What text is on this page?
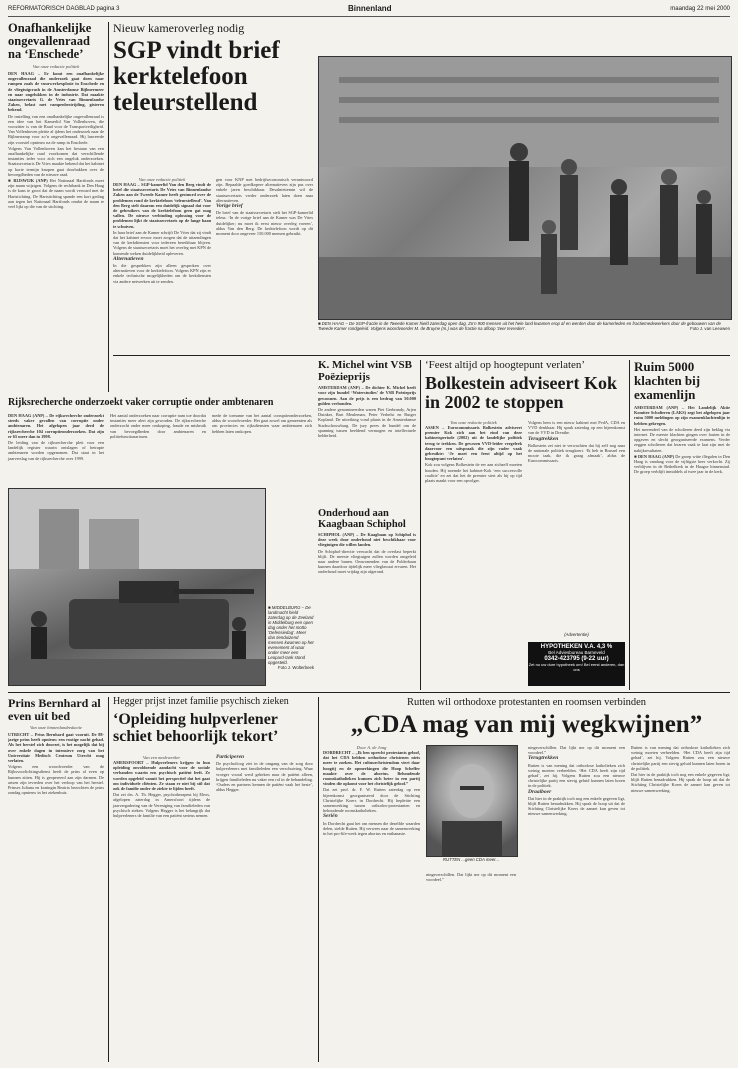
REFORMATORISCH DAGBLAD pagina 3	Binnenland	maandag 22 mei 2000
Onafhankelijke ongevallenraad na ‘Enschede’
Van onze redactie politiek

DEN HAAG – Er komt een onafhankelijke ongevallenraad die onderzoek gaat doen naar rampen zoals de vuurwerkexplosie in Enschede en de vliegtuigcrash in de Amsterdamse Bijlmermeer en naar ongelukken in de industrie. Dat maakte staatssecretaris G. de Vries van Binnenlandse Zaken, belast met rampenbestrijding, gisteren bekend.

De instelling van een onafhankelijke ongevallenraad is een idee van het Kamerlid Van Vollenhoven, die voorzitter is van de Raad voor de Transportveiligheid. Van Vollenhoven pleitte al ijdens het onderzoek naar de Bijlmerramp voor zo’n ongevallenraad. Hij lanceerde zijn voorstel opnieuw na de ramp in Enschede.

Volgens Van Vollenhoven kan het bestaan van een onafhankelijke raad voorkomen dat verschillende instanties ieder voor zich een ongeluk onderzoeken. Staatssecretaris De Vries maakte bekend dat het kabinet op korte termijn knopen gaat doorhakken over de bevoegdheden van de nieuwe raad.

■ RIJSWIJK (ANP) Het Nationaal Hartfonds moet zijn naam wijzigen. Volgens de rechtbank in Den Haag is de kans te groot dat de naam wordt verward met de Hartstichting. De Hartstichting spande een kort geding aan tegen het Nationaal Hartfonds omdat de naam te veel lijkt op die van de stichting.

Nieuw kameroverleg nodig
SGP vindt brief kerktelefoon teleurstellend
Van onze redactie politiek

DEN HAAG – SGP-kamerlid Van den Berg vindt de brief die staatssecretaris De Vries van Binnenlandse Zaken aan de Tweede Kamer heeft gestuurd over de problemen rond de kerktelefoon ‘teleurstellend’. Van den Berg stelt daarom een duidelijk signaal dat voor de gebruikers van de kerktelefoon geen gat mag vallen. De nieuwe verbinding oplossing voor de problemen lijkt de staatssecretaris op de lange baan te schuiven.

In haar brief aan de Kamer schrijft De Vries dat zij vindt dat het kabinet ervoor moet zorgen dat de uitzendingen van de kerkdiensten voor iedereen bereikbaar blijven. Volgens de staatssecretaris moet het overleg met KPN de komende weken duidelijkheid opleveren.

Alternatieven

In die gesprekken zijn alleen gesproken over alternatieven voor de kerktelefoon. Volgens KPN zijn er enkele technische mogelijkheden om de kerkdiensten via andere netwerken uit te zenden.

gen voor KNP met bedrijfseconomisch verantwoord zijn. Bepaalde goedkopere alternatieven zijn pas over enkele jaren beschikbaar. Desalniettemin wil de staatssecretaris verder onderzoek laten doen naar alternatieven.

Vorige brief

De brief van de staatssecretaris stelt het SGP-kamerlid teleur. ‘In de vorige brief aan de Kamer was De Vries duidelijker; nu moet ik eerst nieuw overleg voeren’, aldus Van den Berg. De kerktelefoon wordt op dit moment door ongeveer 150.000 mensen gebruikt.

■ DEN HAAG – De SGP-fractie in de Tweede Kamer hield zaterdag open dag. Zo’n 900 mensen uit het hele land kwamen erop af en werden door de kamerleden en fractiemedewerkers door de gebouwen van de Tweede Kamer rondgeleid. Volgens woordvoerder M. de Bruyne (m.) was de fractie na afloop ‘zeer tevreden’.	Foto J. van Leeuwen
K. Michel wint VSB Poëzieprijs

AMSTERDAM (ANP) – De dichter K. Michel heeft voor zijn bundel ‘Waterstudies’ de VSB Poëzieprijs gewonnen. Aan de prijs is een bedrag van 50.000 gulden verbonden.

De andere genomineerden waren Piet Gerbrandy, Arjen Duinker, Bart Meuleman, Peter Verhelst en Rutger Kopland. De uitreiking vond plaats in de Amsterdamse Stadsschouwburg. De jury prees de bundel om de spanning tussen beeldend vermogen en intellectuele helderheid.

Onderhoud aan Kaagbaan Schiphol

SCHIPHOL (ANP) – De Kaagbaan op Schiphol is deze week door onderhoud niet beschikbaar voor vliegtuigen die willen landen.

De Schiphol-directie verwacht dat de overlast beperkt blijft. De meeste vliegtuigen zullen worden omgeleid naar andere banen. Omwonenden van de Polderbaan kunnen daardoor tijdelijk meer vlieglawaai ervaren. Het onderhoud moet vrijdag zijn afgerond.

‘Feest altijd op hoogtepunt verlaten’
Bolkestein adviseert Kok in 2002 te stoppen
Van onze redactie politiek

ASSEN – Eurocommissaris Bolkestein adviseert premier Kok zich aan het eind van deze kabinetsperiode (2002) uit de landelijke politiek terug te trekken. De gewezen VVD-leider vergeleek daarvoor een uitspraak die zijn vader vaak gebruikte: ‘Je moet een feest altijd op het hoogtepunt verlaten’.

Kok zou volgens Bolkestein de eer aan zichzelf moeten houden. Hij noemde het kabinet-Kok ‘een succesvolle coalitie’ en zei dat het de premier siert als hij op tijd plaats maakt voor een opvolger.

Volgens hem is een nieuw kabinet met PvdA, CDA en VVD denkbaar. Hij sprak zaterdag op een bijeenkomst van de VVD in Drenthe.

Terugtrekken

Bolkestein zei niet te verwachten dat hij zelf nog naar de nationale politiek terugkeert. ‘Ik heb in Brussel een mooie taak, die ik graag afmaak’, aldus de Eurocommissaris.

(Advertentie)
HYPOTHEKEN V.A. 4,3 %
Bel Adviesbureau Barneveld
0342-423795 (9-22 uur)
Zet nu uw dure hypotheek om! Bel eerst anderen, dan ons
Ruim 5000 klachten bij examenlijn

AMSTERDAM (ANP) – Het Landelijk Aktie Komitee Scholieren (LAKS) zegt het afgelopen jaar ruim 5000 meldingen op zijn examenklachtenlijn te hebben gekregen.

Het merendeel van de scholieren deed zijn beklag via internet. De meeste klachten gingen over fouten in de opgaven en slecht georganiseerde examens. Verder zeggen scholieren dat leraren vaak te laat zijn met de nakijkresultaten.

■ DEN HAAG (ANP) De groep witte illegalen in Den Haag is vandaag voor de vijftigste keer verkocht. Zij verblijven in de Bethelkerk in de Haagse binnenstad. De groep verblijft inmiddels al twee jaar in de kerk.

Rijksrecherche onderzoekt vaker corruptie onder ambtenaren

DEN HAAG (ANP) – De rijksrecherche onderzoekt steeds vaker gevallen van corruptie onder ambtenaren. Het afgelopen jaar deed de rijksrecherche 104 corruptieonderzoeken. Dat zijn er 65 meer dan in 1998.

De leiding van de rijksrecherche pleit voor een landelijk register waarin ontslagen of betrapte ambtenaren worden opgenomen. Dat staat in het jaarverslag van de rijksrecherche over 1999.

Het aantal onderzoeken naar corruptie nam toe doordat instanties meer alert zijn geworden. De rijksrecherche onderzocht onder meer omkoping, fraude en misbruik van bevoegdheden door ambtenaren en politiefunctionarissen.

mede de toename van het aantal corruptieonderzoeken, aldus de woordvoerder. Het gaat zowel om gemeenten als om provincies en rijksdiensten waar ambtenaren zich hebben laten omkopen.

■ MIDDELBURG – De landmacht hield zaterdag op de Zeeland in Middelburg een open dag onder het motto ‘Defensiedag’. Meer dan tienduizend mensen kwamen op het evenement af waar onder meer een Leopard-tank stond opgesteld.
Foto J. Wolterbeek
Prins Bernhard al even uit bed
Van onze binnenlandredactie

UTRECHT – Prins Bernhard gaat vooruit. De 88-jarige prins heeft opnieuw een rustige nacht gehad. Als het herstel zich doorzet, is het mogelijk dat hij over enkele dagen in intensieve zorg van het Universitair Medisch Centrum Utrecht mag verlaten.

Volgens een woordvoerder van de Rijksvoorlichtingsdienst heeft de prins al even op kunnen zitten. Hij is geopereerd aan zijn darmen. De artsen zijn tevreden over het verloop van het herstel. Prinses Juliana en koningin Beatrix bezochten de prins zondag opnieuw in het ziekenhuis.

Hegger prijst inzet familie psychisch zieken
‘Opleiding hulpverlener schiet behoorlijk tekort’
Van een medewerker

AMERSFOORT – Hulpverleners krijgen in hun opleiding onvoldoende aandacht voor de sociale verbanden waarin een psychisch patiënt leeft. Ze worden opgeleid vanuit het perspectief dat het gaat om individuele cliënten. Ze staan er niet bij stil dat ook de familie onder de ziekte te lijden heeft.

Dat zei drs. A. Th. Hegger, psychotherapeut bij Eleos, afgelopen zaterdag in Amersfoort tijdens de jaarvergadering van de Vereniging van familieleden van psychisch zieken. Volgens Hegger is het belangrijk dat hulpverleners de familie van een patiënt serieus nemen.

Participeren

De psychoiloog ziet in de omgang van de zorg door hulpverleners met familieleden een verschuiving. Waar vroeger vooral werd gekeken naar de patiënt alleen, krijgen familieleden nu vaker een rol in de behandeling. ‘Ouders en partners kennen de patiënt vaak het beste’, aldus Hegger.

Rutten wil orthodoxe protestanten en roomsen verbinden
„CDA mag van mij wegkwijnen”
Door A. de Jong

DORDRECHT – „Ik ben oprecht protestants geloof, dat het CDA hebben orthodoxe christenen niets meer te zoeken. Het cultuurchristendom viert daar hoogtij en de opmerkingen die Hoop Scheffer maakte over de abortus. Behoudende roomskatholieken kunnen zich beter in een partij vinden die opkomt voor het christelijk geloof.”

Dat zei prof. dr. F. W. Rutten zaterdag op een bijeenkomst georganiseerd door de Stichting Christelijke Koers in Dordrecht. Hij bepleitte een samenwerking tussen orthodox-protestanten en behoudende roomskatholieken.

Seriën

In Dordrecht gaat het om mensen die dezelfde waarden delen, stelde Rutten. Hij verwees naar de samenwerking in het pro-life-werk tegen abortus en euthanasie.

RUTTEN ...geen CDA meer...

ningsverschillen. Dat lijkt me op dit moment een voordeel.”

ningsverschillen. Dat lijkt me op dit moment een voordeel.”

Terugtrekken

Rutten is van mening dat orthodoxe katholieken zich weinig moeten verbeelden. ‘Het CDA heeft zijn tijd gehad’, zei hij. Volgens Rutten zou een nieuwe christelijke partij een stevig geluid kunnen laten horen in de politiek.

Draaiboer

Dat hier in de praktijk toch nog een enkele gegeven ligt, blijft Rutten benadrukken. Hij sprak de hoop uit dat de Stichting Christelijke Koers de aanzet kan geven tot nieuwe samenwerking.

Rutten is van mening dat orthodoxe katholieken zich weinig moeten verbeelden. ‘Het CDA heeft zijn tijd gehad’, zei hij. Volgens Rutten zou een nieuwe christelijke partij een stevig geluid kunnen laten horen in de politiek.

Dat hier in de praktijk toch nog een enkele gegeven ligt, blijft Rutten benadrukken. Hij sprak de hoop uit dat de Stichting Christelijke Koers de aanzet kan geven tot nieuwe samenwerking.
